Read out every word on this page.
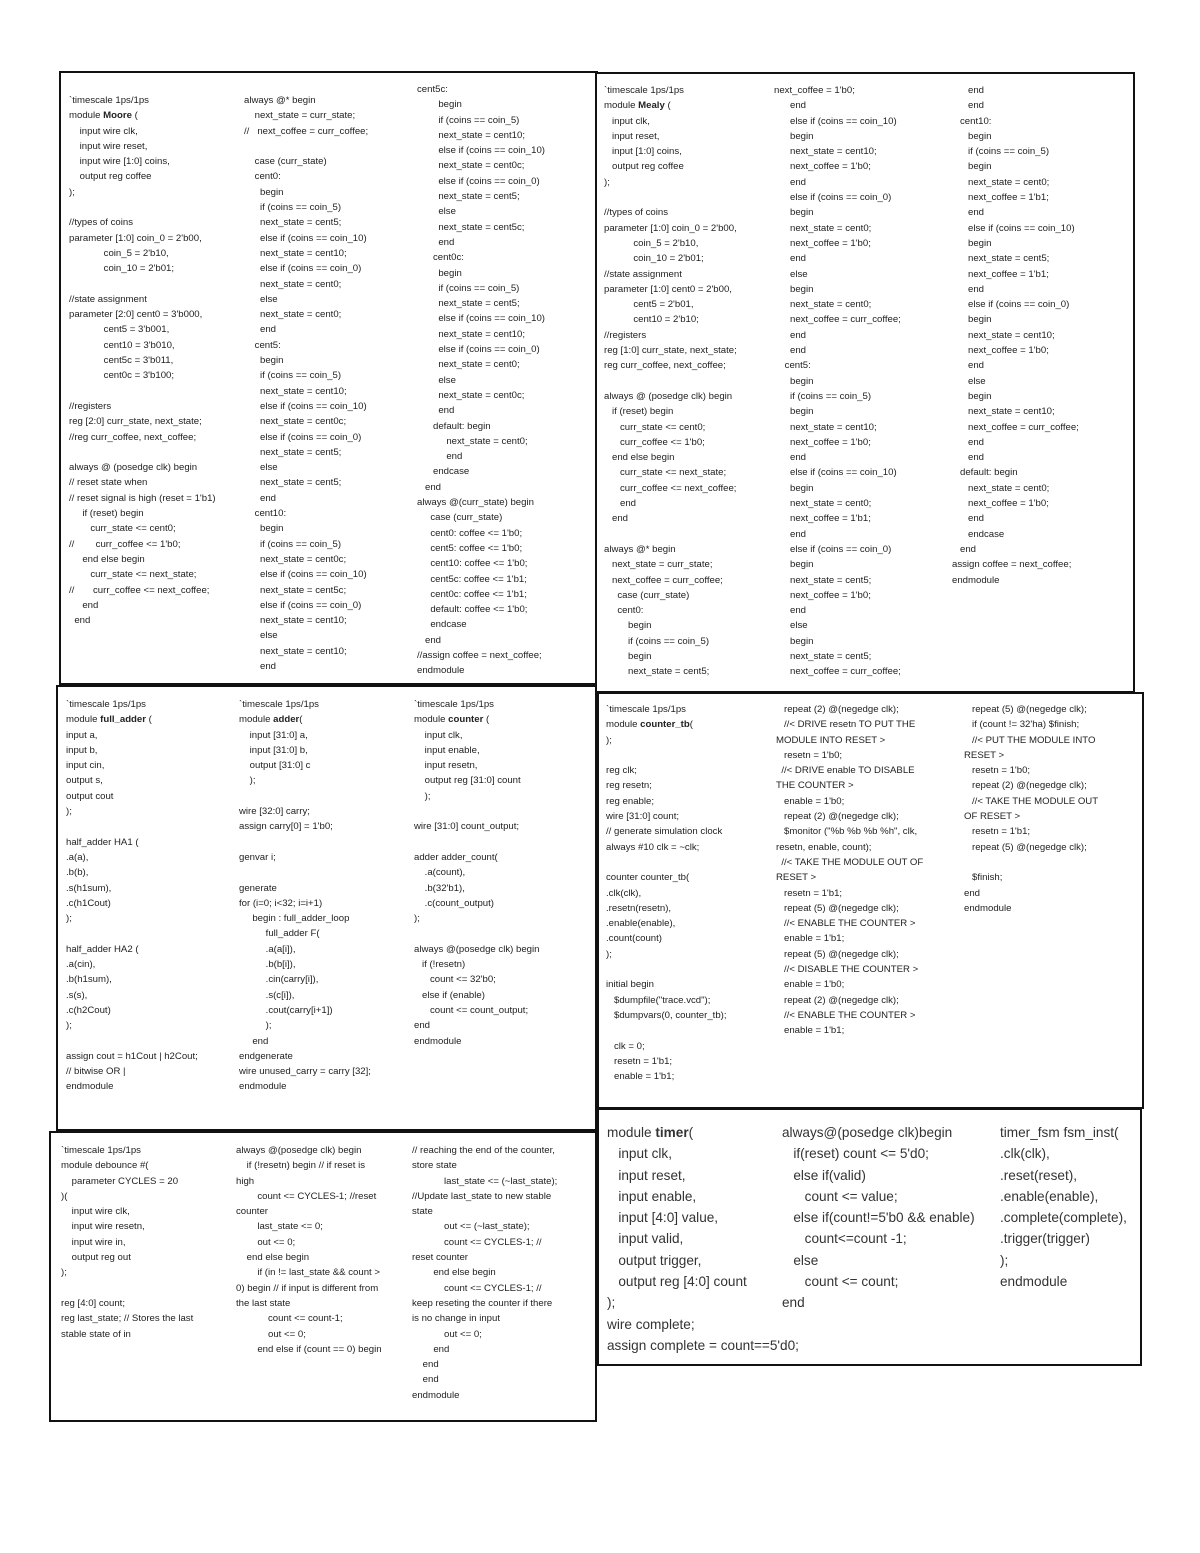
`timescale 1ps/1ps
module Moore (
input wire clk,
input wire reset,
input wire [1:0] coins,
output reg coffee
);

//types of coins
parameter [1:0] coin_0 = 2'b00,
coin_5 = 2'b10,
coin_10 = 2'b01;

//state assignment
parameter [2:0] cent0 = 3'b000,
cent5 = 3'b001,
cent10 = 3'b010,
cent5c = 3'b011,
cent0c = 3'b100;

//registers
reg [2:0] curr_state, next_state;
//reg curr_coffee, next_coffee;

always @ (posedge clk) begin
// reset state when
// reset signal is high (reset = 1'b1)
if (reset) begin
curr_state <= cent0;
//        curr_coffee <= 1'b0;
end else begin
curr_state <= next_state;
//       curr_coffee <= next_coffee;
end
end
always @* begin
next_state = curr_state;
//   next_coffee = curr_coffee;

case (curr_state)
cent0:
begin
if (coins == coin_5)
next_state = cent5;
else if (coins == coin_10)
next_state = cent10;
else if (coins == coin_0)
next_state = cent0;
else
next_state = cent0;
end
cent5:
begin
if (coins == coin_5)
next_state = cent10;
else if (coins == coin_10)
next_state = cent0c;
else if (coins == coin_0)
next_state = cent5;
else
next_state = cent5;
end
cent10:
begin
if (coins == coin_5)
next_state = cent0c;
else if (coins == coin_10)
next_state = cent5c;
else if (coins == coin_0)
next_state = cent10;
else
next_state = cent10;
end
cent5c:
begin
if (coins == coin_5)
next_state = cent10;
else if (coins == coin_10)
next_state = cent0c;
else if (coins == coin_0)
next_state = cent5;
else
next_state = cent5c;
end
cent0c:
begin
if (coins == coin_5)
next_state = cent5;
else if (coins == coin_10)
next_state = cent10;
else if (coins == coin_0)
next_state = cent0;
else
next_state = cent0c;
end
default: begin
next_state = cent0;
end
endcase
end
always @(curr_state) begin
case (curr_state)
cent0: coffee <= 1'b0;
cent5: coffee <= 1'b0;
cent10: coffee <= 1'b0;
cent5c: coffee <= 1'b1;
cent0c: coffee <= 1'b1;
default: coffee <= 1'b0;
endcase
end
//assign coffee = next_coffee;
endmodule
`timescale 1ps/1ps
module Mealy (
input clk,
input reset,
input [1:0] coins,
output reg coffee
);

//types of coins
parameter [1:0] coin_0 = 2'b00,
coin_5 = 2'b10,
coin_10 = 2'b01;
//state assignment
parameter [1:0] cent0 = 2'b00,
cent5 = 2'b01,
cent10 = 2'b10;
//registers
reg [1:0] curr_state, next_state;
reg curr_coffee, next_coffee;

always @ (posedge clk) begin
if (reset) begin
curr_state <= cent0;
curr_coffee <= 1'b0;
end else begin
curr_state <= next_state;
curr_coffee <= next_coffee;
end
end

always @* begin
next_state = curr_state;
next_coffee = curr_coffee;
case (curr_state)
cent0:
begin
if (coins == coin_5)
begin
next_state = cent5;
next_coffee = 1'b0;
end
else if (coins == coin_10)
begin
next_state = cent10;
next_coffee = 1'b0;
end
else if (coins == coin_0)
begin
next_state = cent0;
next_coffee = 1'b0;
end
else
begin
next_state = cent0;
next_coffee = curr_coffee;
end
end
cent5:
begin
if (coins == coin_5)
begin
next_state = cent10;
next_coffee = 1'b0;
end
else if (coins == coin_10)
begin
next_state = cent0;
next_coffee = 1'b1;
end
else if (coins == coin_0)
begin
next_state = cent5;
next_coffee = 1'b0;
end
else
begin
next_state = cent5;
next_coffee = curr_coffee;
end
end
cent10:
begin
if (coins == coin_5)
begin
next_state = cent0;
next_coffee = 1'b1;
end
else if (coins == coin_10)
begin
next_state = cent5;
next_coffee = 1'b1;
end
else if (coins == coin_0)
begin
next_state = cent10;
next_coffee = 1'b0;
end
else
begin
next_state = cent10;
next_coffee = curr_coffee;
end
end
default: begin
next_state = cent0;
next_coffee = 1'b0;
end
endcase
end
assign coffee = next_coffee;
endmodule
`timescale 1ps/1ps
module full_adder (
input a,
input b,
input cin,
output s,
output cout
);

half_adder HA1 (
.a(a),
.b(b),
.s(h1sum),
.c(h1Cout)
);

half_adder HA2 (
.a(cin),
.b(h1sum),
.s(s),
.c(h2Cout)
);

assign cout = h1Cout | h2Cout;
// bitwise OR |
endmodule
`timescale 1ps/1ps
module adder(
input [31:0] a,
input [31:0] b,
output [31:0] c
);

wire [32:0] carry;
assign carry[0] = 1'b0;

genvar i;

generate
for (i=0; i<32; i=i+1)
begin : full_adder_loop
full_adder F(
.a(a[i]),
.b(b[i]),
.cin(carry[i]),
.s(c[i]),
.cout(carry[i+1])
);
end
endgenerate
wire unused_carry = carry [32];
endmodule
`timescale 1ps/1ps
module counter (
input clk,
input enable,
input resetn,
output reg [31:0] count
);

wire [31:0] count_output;

adder adder_count(
.a(count),
.b(32'b1),
.c(count_output)
);

always @(posedge clk) begin
if (!resetn)
count <= 32'b0;
else if (enable)
count <= count_output;
end
endmodule
`timescale 1ps/1ps
module counter_tb(
);

reg clk;
reg resetn;
reg enable;
wire [31:0] count;
// generate simulation clock
always #10 clk = ~clk;

counter counter_tb(
.clk(clk),
.resetn(resetn),
.enable(enable),
.count(count)
);

initial begin
$dumpfile("trace.vcd");
$dumpvars(0, counter_tb);

clk = 0;
resetn = 1'b1;
enable = 1'b1;
repeat (2) @(negedge clk);
//< DRIVE resetn TO PUT THE
MODULE INTO RESET >
resetn = 1'b0;
//< DRIVE enable TO DISABLE
THE COUNTER >
enable = 1'b0;
repeat (2) @(negedge clk);
$monitor ("%b %b %b %h", clk,
resetn, enable, count);
//< TAKE THE MODULE OUT OF
RESET >
resetn = 1'b1;
repeat (5) @(negedge clk);
//< ENABLE THE COUNTER >
enable = 1'b1;
repeat (5) @(negedge clk);
//< DISABLE THE COUNTER >
enable = 1'b0;
repeat (2) @(negedge clk);
//< ENABLE THE COUNTER >
enable = 1'b1;
repeat (5) @(negedge clk);
if (count != 32'ha) $finish;
//< PUT THE MODULE INTO
RESET >
resetn = 1'b0;
repeat (2) @(negedge clk);
//< TAKE THE MODULE OUT
OF RESET >
resetn = 1'b1;
repeat (5) @(negedge clk);

$finish;
end
endmodule
`timescale 1ps/1ps
module debounce #(
parameter CYCLES = 20
)(
input wire clk,
input wire resetn,
input wire in,
output reg out
);

reg [4:0] count;
reg last_state; // Stores the last
stable state of in
always @(posedge clk) begin
if (!resetn) begin // if reset is
high
count <= CYCLES-1; //reset
counter
last_state <= 0;
out <= 0;
end else begin
if (in != last_state && count >
0) begin // if input is different from
the last state
count <= count-1;
out <= 0;
end else if (count == 0) begin
// reaching the end of the counter,
store state
last_state <= (~last_state);
//Update last_state to new stable
state
out <= (~last_state);
count <= CYCLES-1; //
reset counter
end else begin
count <= CYCLES-1; //
keep reseting the counter if there
is no change in input
out <= 0;
end
end
end
endmodule
module timer(
input clk,
input reset,
input enable,
input [4:0] value,
input valid,
output trigger,
output reg [4:0] count
);
wire complete;
assign complete = count==5'd0;
always@(posedge clk)begin
if(reset) count <= 5'd0;
else if(valid)
count <= value;
else if(count!=5'b0 && enable)
count<=count -1;
else
count <= count;
end
timer_fsm fsm_inst(
.clk(clk),
.reset(reset),
.enable(enable),
.complete(complete),
.trigger(trigger)
);
endmodule
